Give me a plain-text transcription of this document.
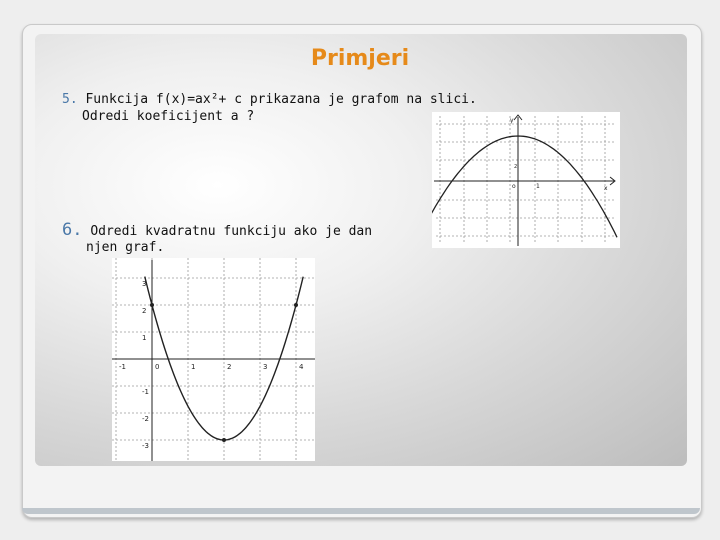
Primjeri
5. Funkcija f(x)=ax²+ c prikazana je grafom na slici.
Odredi koeficijent a ?	y
x
o	1
2
6. Odredi kvadratnu funkciju ako je dan
njen graf.
-1	0	1	2	3	4
3
2
1
-1
-2
-3
